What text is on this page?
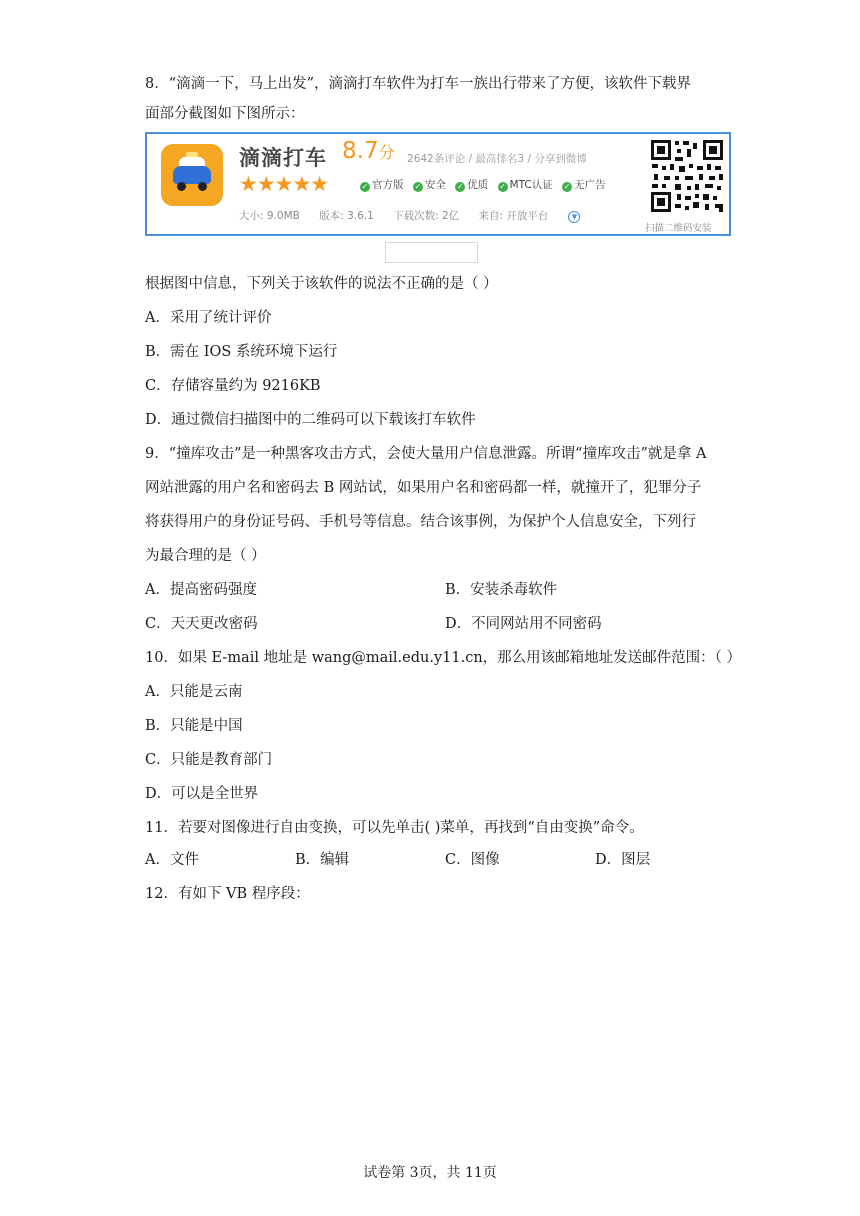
8．“滴滴一下，马上出发”，滴滴打车软件为打车一族出行带来了方便，该软件下载界
面部分截图如下图所示：
滴滴打车 8.7分 2642条评论 / 最高排名3 / 分享到微博
★★★★★	✓ 官方版 ✓ 安全 ✓ 优质 ✓ MTC认证 ✓ 无广告
大小: 9.0MB 版本: 3.6.1 下载次数: 2亿 来自: 开放平台	▼
扫描二维码安装
根据图中信息，下列关于该软件的说法不正确的是（ ）
A．采用了统计评价
B．需在 IOS 系统环境下运行
C．存储容量约为 9216KB
D．通过微信扫描图中的二维码可以下载该打车软件
9．“撞库攻击”是一种黑客攻击方式，会使大量用户信息泄露。所谓“撞库攻击”就是拿 A
网站泄露的用户名和密码去 B 网站试，如果用户名和密码都一样，就撞开了，犯罪分子
将获得用户的身份证号码、手机号等信息。结合该事例，为保护个人信息安全，下列行
为最合理的是（ ）
A．提高密码强度	B．安装杀毒软件
C．天天更改密码	D．不同网站用不同密码
10．如果 E-mail 地址是 wang@mail.edu.y11.cn，那么用该邮箱地址发送邮件范围：（ ）
A．只能是云南
B．只能是中国
C．只能是教育部门
D．可以是全世界
11．若要对图像进行自由变换，可以先单击( )菜单，再找到“自由变换”命令。
A．文件	B．编辑	C．图像	D．图层
12．有如下 VB 程序段：
试卷第 3页，共 11页
